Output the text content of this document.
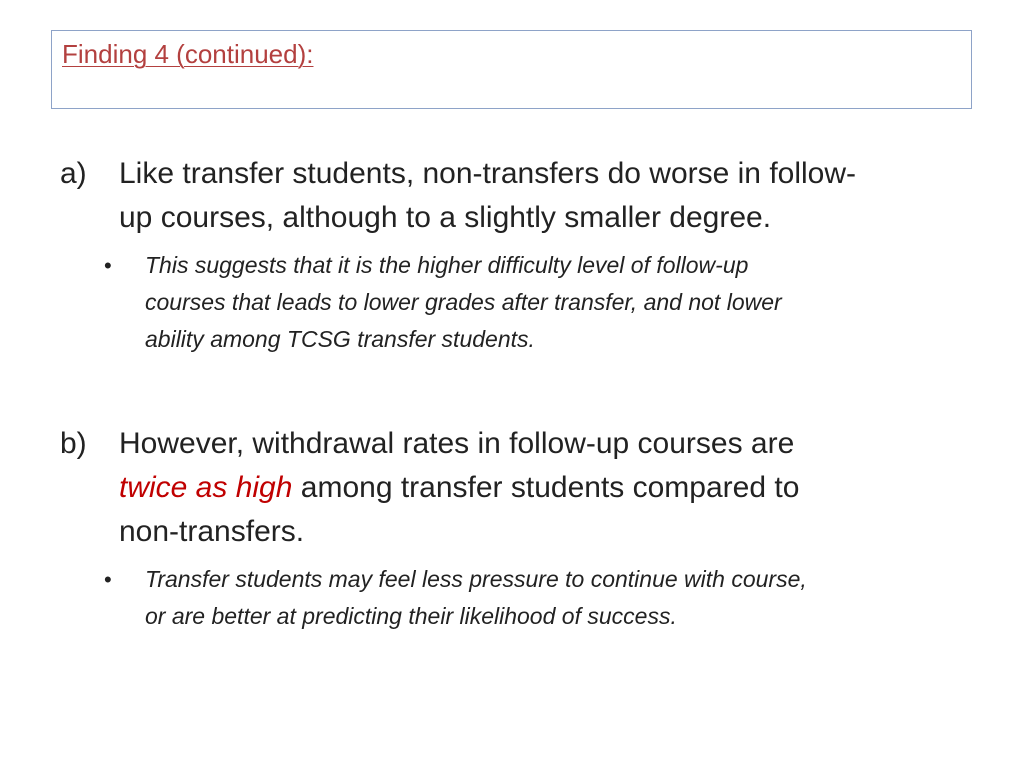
Finding 4 (continued):
a) Like transfer students, non-transfers do worse in follow-
up courses, although to a slightly smaller degree.
• This suggests that it is the higher difficulty level of follow-up
courses that leads to lower grades after transfer, and not lower
ability among TCSG transfer students.
b) However, withdrawal rates in follow-up courses are
twice as high among transfer students compared to
non-transfers.
• Transfer students may feel less pressure to continue with course,
or are better at predicting their likelihood of success.
